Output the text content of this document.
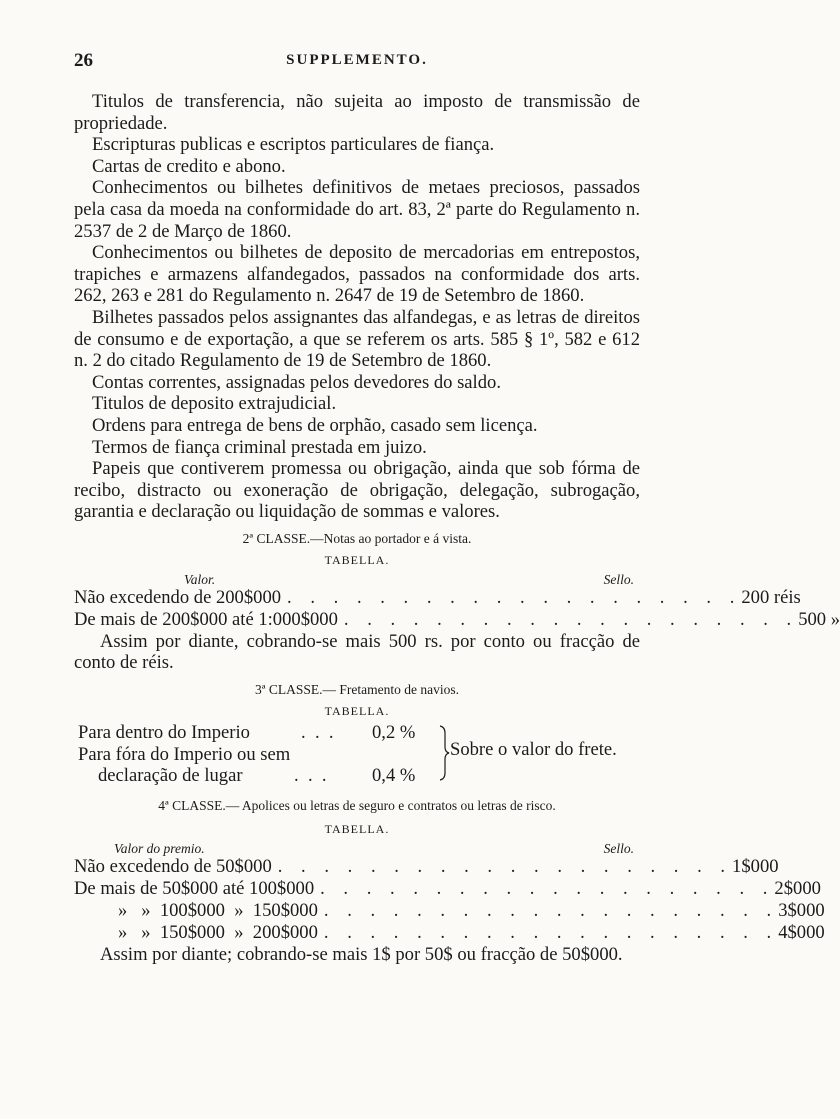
26	SUPPLEMENTO.

Titulos de transferencia, não sujeita ao imposto de transmissão de propriedade.

Escripturas publicas e escriptos particulares de fiança.

Cartas de credito e abono.

Conhecimentos ou bilhetes definitivos de metaes preciosos, passados pela casa da moeda na conformidade do art. 83, 2ª parte do Regulamento n. 2537 de 2 de Março de 1860.

Conhecimentos ou bilhetes de deposito de mercadorias em entrepostos, trapiches e armazens alfandegados, passados na conformidade dos arts. 262, 263 e 281 do Regulamento n. 2647 de 19 de Setembro de 1860.

Bilhetes passados pelos assignantes das alfandegas, e as letras de direitos de consumo e de exportação, a que se referem os arts. 585 § 1º, 582 e 612 n. 2 do citado Regulamento de 19 de Setembro de 1860.

Contas correntes, assignadas pelos devedores do saldo.

Titulos de deposito extrajudicial.

Ordens para entrega de bens de orphão, casado sem licença.

Termos de fiança criminal prestada em juizo.

Papeis que contiverem promessa ou obrigação, ainda que sob fórma de recibo, distracto ou exoneração de obrigação, delegação, subrogação, garantia e declaração ou liquidação de sommas e valores.

2ª CLASSE.—Notas ao portador e á vista.
TABELLA.
Valor.	Sello.
Não excedendo de 200$000 . . . . . . . . . . . . . . . . . . . . 200 réis
De mais de 200$000 até 1:000$000 . . . . . . . . . . . . . . . . . . . . 500 »

Assim por diante, cobrando-se mais 500 rs. por conto ou fracção de conto de réis.

3ª CLASSE.— Fretamento de navios.
TABELLA.
Para dentro do Imperio	.  .  . 0,2 %
Para fóra do Imperio ou sem
declaração de lugar	.  .  . 0,4 %
Sobre o valor do frete.
4ª CLASSE.— Apolices ou letras de seguro e contratos ou letras de risco.
TABELLA.
Valor do premio.	Sello.
Não excedendo de 50$000 . . . . . . . . . . . . . . . . . . . . 1$000
De mais de 50$000 até 100$000 . . . . . . . . . . . . . . . . . . . . 2$000
»   »  100$000  »  150$000 . . . . . . . . . . . . . . . . . . . . 3$000
»   »  150$000  »  200$000 . . . . . . . . . . . . . . . . . . . . 4$000

Assim por diante; cobrando-se mais 1$ por 50$ ou fracção de 50$000.
